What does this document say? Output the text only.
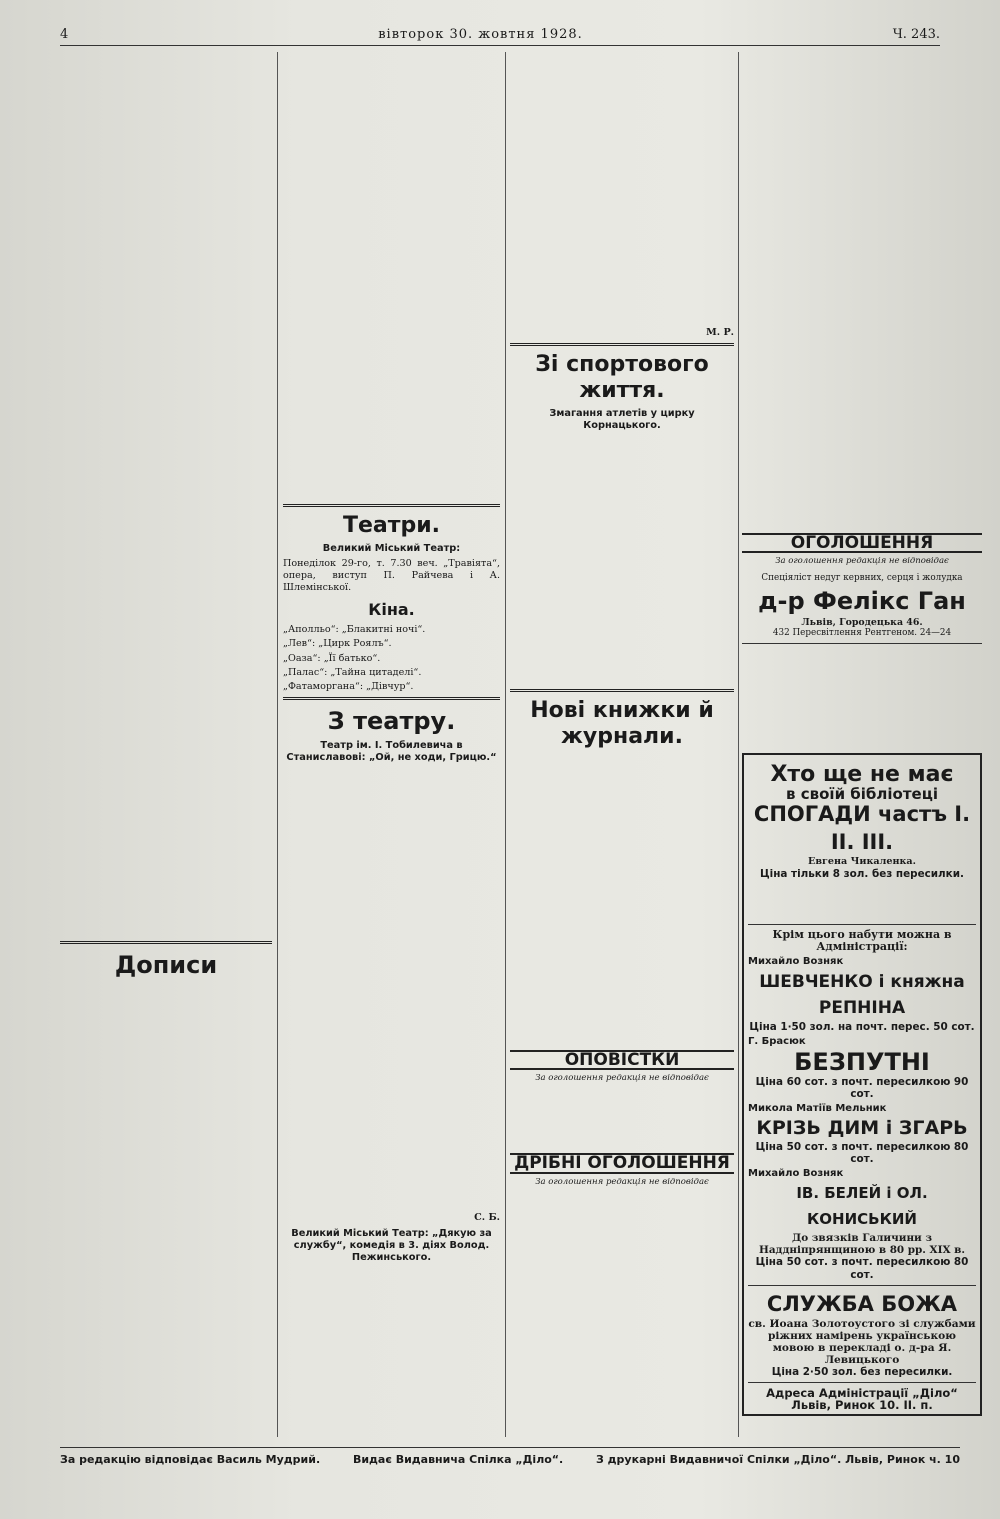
4	вівторок 30. жовтня 1928.	Ч. 243.
Дописи
Театри.
Великий Міський Театр:

Понеділок 29-го, т. 7.30 веч. „Травіята“, опера, виступ П. Райчева і А. Шлемінської.

Кіна.

„Аполльо“: „Блакитні ночі“.

„Лев“: „Цирк Роялъ“.

„Оаза“: „Її батько“.

„Палас“: „Тайна цитаделі“.

„Фатаморгана“: „Дівчур“.

З театру.
Театр ім. І. Тобилевича в Станиславові: „Ой, не ходи, Грицю.“
С. Б.
Великий Міський Театр: „Дякую за службу“, комедія в 3. діях Волод. Пежинського.
М. Р.
Зі спортового життя.
Змагання атлетів у цирку Корнацького.
Нові книжки й журнали.
ОПОВІСТКИ
За оголошення редакція не відповідає
ДРІБНІ ОГОЛОШЕННЯ
За оголошення редакція не відповідає
ОГОЛОШЕННЯ
За оголошення редакція не відповідає
Спеціяліст недуг кервних, серця і жолудка
д-р Фелікс Ган
Львів, Городецька 46.
432 Пересвітлення Рентгеном. 24—24
Хто ще не має
в своїй бібліотеці
СПОГАДИ частъ I. II. III.
Евгена Чикаленка.
Ціна тільки 8 зол. без пересилки.
Крім цього набути можна в Адміністрації:
Михайло Возняк
ШЕВЧЕНКО і княжна РЕПНІНА
Ціна 1·50 зол. на почт. перес. 50 сот.
Г. Брасюк
БЕЗПУТНІ
Ціна 60 сот. з почт. пересилкою 90 сот.
Микола Матіїв Мельник
КРІЗЬ ДИМ і ЗГАРЬ
Ціна 50 сот. з почт. пересилкою 80 сот.
Михайло Возняк
ІВ. БЕЛЕЙ і ОЛ. КОНИСЬКИЙ
До звязків Галичини з Наддніпрянщиною в 80 рр. XIX в.
Ціна 50 сот. з почт. пересилкою 80 сот.
СЛУЖБА БОЖА
св. Иоана Золотоустого зі службами ріжних намірень українською мовою в перекладі о. д-ра Я. Левицького
Ціна 2·50 зол. без пересилки.
Адреса Адміністрації „Діло“ Львів, Ринок 10. II. п.
За редакцію відповідає Василь Мудрий.	Видає Видавнича Спілка „Діло“.	З друкарні Видавничої Спілки „Діло“. Львів, Ринок ч. 10
